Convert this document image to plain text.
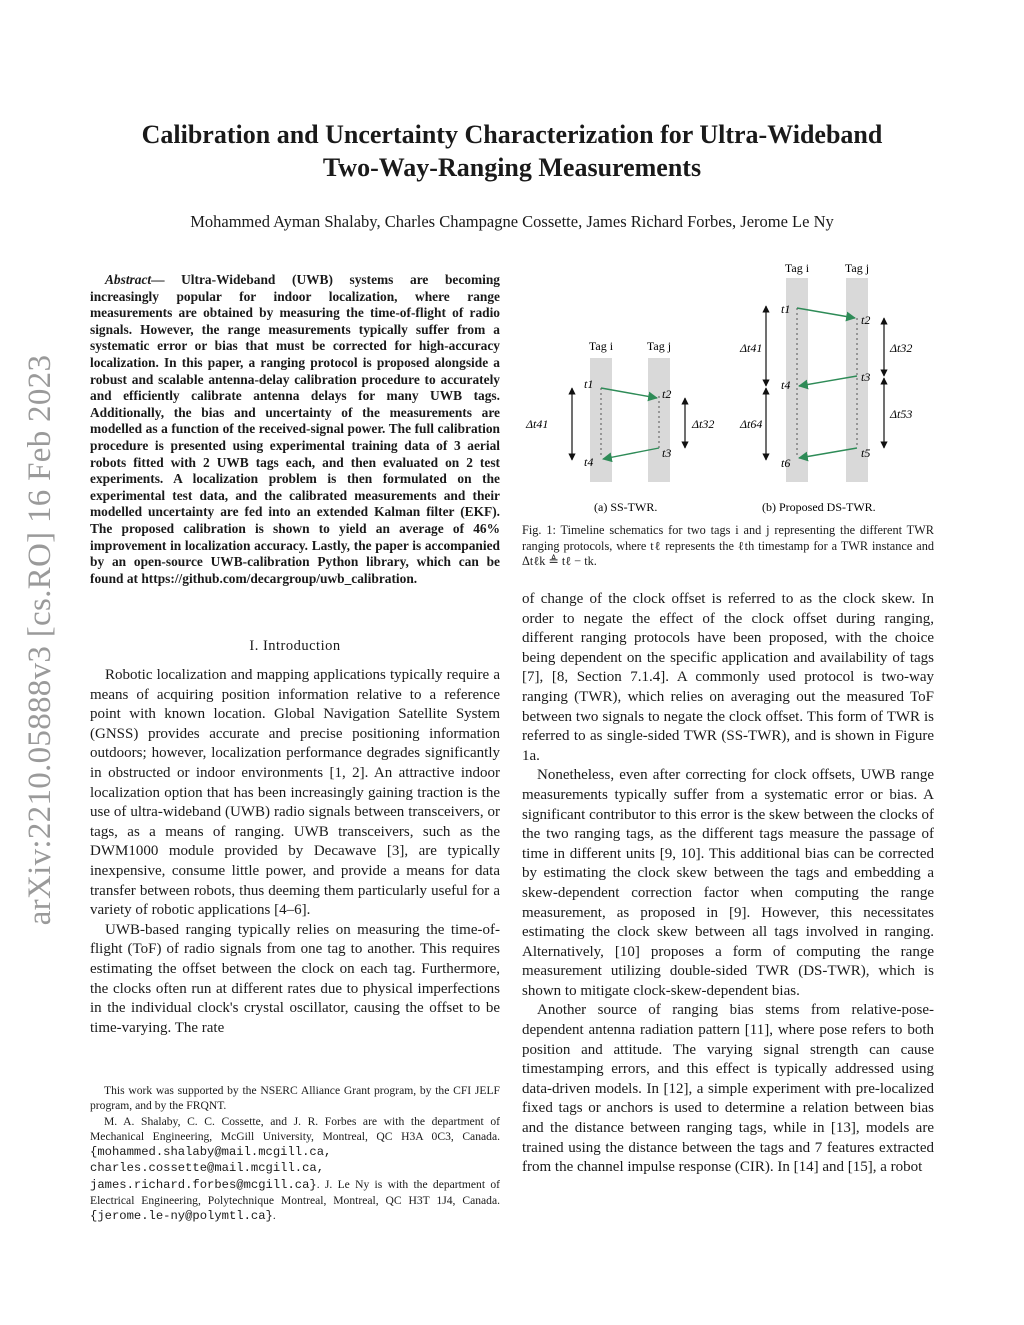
arXiv:2210.05888v3 [cs.RO] 16 Feb 2023
Calibration and Uncertainty Characterization for Ultra-Wideband
Two-Way-Ranging Measurements
Mohammed Ayman Shalaby, Charles Champagne Cossette, James Richard Forbes, Jerome Le Ny
Abstract— Ultra-Wideband (UWB) systems are becoming increasingly popular for indoor localization, where range measurements are obtained by measuring the time-of-flight of radio signals. However, the range measurements typically suffer from a systematic error or bias that must be corrected for high-accuracy localization. In this paper, a ranging protocol is proposed alongside a robust and scalable antenna-delay calibration procedure to accurately and efficiently calibrate antenna delays for many UWB tags. Additionally, the bias and uncertainty of the measurements are modelled as a function of the received-signal power. The full calibration procedure is presented using experimental training data of 3 aerial robots fitted with 2 UWB tags each, and then evaluated on 2 test experiments. A localization problem is then formulated on the experimental test data, and the calibrated measurements and their modelled uncertainty are fed into an extended Kalman filter (EKF). The proposed calibration is shown to yield an average of 46% improvement in localization accuracy. Lastly, the paper is accompanied by an open-source UWB-calibration Python library, which can be found at https://github.com/decargroup/uwb_calibration.
I. Introduction

Robotic localization and mapping applications typically require a means of acquiring position information relative to a reference point with known location. Global Navigation Satellite System (GNSS) provides accurate and precise positioning information outdoors; however, localization performance degrades significantly in obstructed or indoor environments [1, 2]. An attractive indoor localization option that has been increasingly gaining traction is the use of ultra-wideband (UWB) radio signals between transceivers, or tags, as a means of ranging. UWB transceivers, such as the DWM1000 module provided by Decawave [3], are typically inexpensive, consume little power, and provide a means for data transfer between robots, thus deeming them particularly useful for a variety of robotic applications [4–6].

UWB-based ranging typically relies on measuring the time-of-flight (ToF) of radio signals from one tag to another. This requires estimating the offset between the clock on each tag. Furthermore, the clocks often run at different rates due to physical imperfections in the individual clock's crystal oscillator, causing the offset to be time-varying. The rate

This work was supported by the NSERC Alliance Grant program, by the CFI JELF program, and by the FRQNT.

M. A. Shalaby, C. C. Cossette, and J. R. Forbes are with the department of Mechanical Engineering, McGill University, Montreal, QC H3A 0C3, Canada. {mohammed.shalaby@mail.mcgill.ca, charles.cossette@mail.mcgill.ca, james.richard.forbes@mcgill.ca}. J. Le Ny is with the department of Electrical Engineering, Polytechnique Montreal, Montreal, QC H3T 1J4, Canada. {jerome.le-ny@polymtl.ca}.

Tag i	Tag j
t1
t2
t3
t4
Δt41	Δt32
(a) SS-TWR.
Tag i	Tag j
t1
t2
t3
t4
t5
t6
Δt41
Δt64
Δt32
Δt53
(b) Proposed DS-TWR.
Fig. 1: Timeline schematics for two tags i and j representing the different TWR ranging protocols, where tℓ represents the ℓth timestamp for a TWR instance and Δtℓk ≜ tℓ − tk.

of change of the clock offset is referred to as the clock skew. In order to negate the effect of the clock offset during ranging, different ranging protocols have been proposed, with the choice being dependent on the specific application and availability of tags [7], [8, Section 7.1.4]. A commonly used protocol is two-way ranging (TWR), which relies on averaging out the measured ToF between two signals to negate the clock offset. This form of TWR is referred to as single-sided TWR (SS-TWR), and is shown in Figure 1a.

Nonetheless, even after correcting for clock offsets, UWB range measurements typically suffer from a systematic error or bias. A significant contributor to this error is the skew between the clocks of the two ranging tags, as the different tags measure the passage of time in different units [9, 10]. This additional bias can be corrected by estimating the clock skew between the tags and embedding a skew-dependent correction factor when computing the range measurement, as proposed in [9]. However, this necessitates estimating the clock skew between all tags involved in ranging. Alternatively, [10] proposes a form of computing the range measurement utilizing double-sided TWR (DS-TWR), which is shown to mitigate clock-skew-dependent bias.

Another source of ranging bias stems from relative-pose-dependent antenna radiation pattern [11], where pose refers to both position and attitude. The varying signal strength can cause timestamping errors, and this effect is typically addressed using data-driven models. In [12], a simple experiment with pre-localized fixed tags or anchors is used to determine a relation between bias and the distance between ranging tags, while in [13], models are trained using the distance between the tags and 7 features extracted from the channel impulse response (CIR). In [14] and [15], a robot
